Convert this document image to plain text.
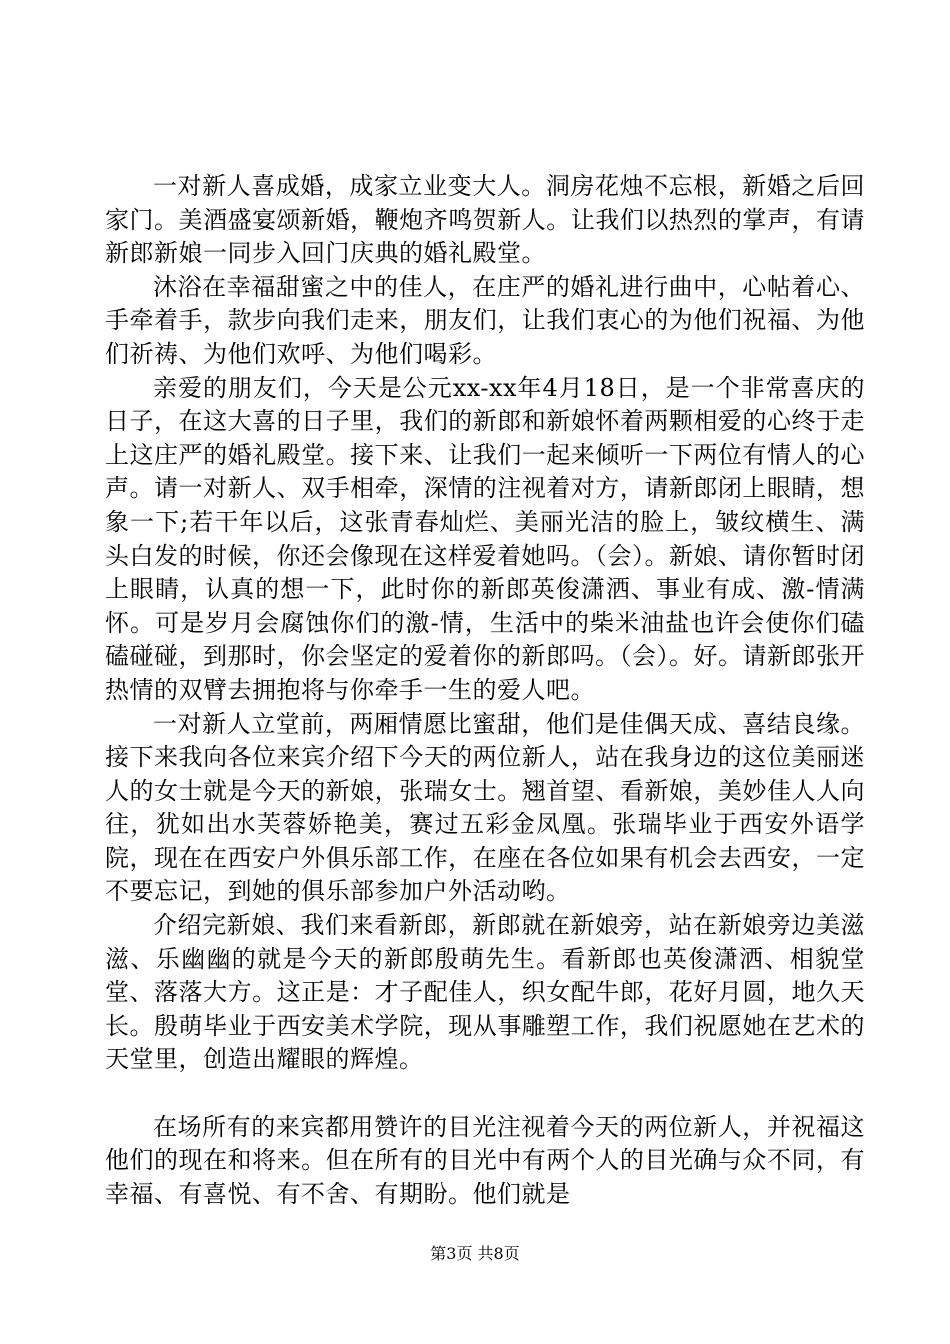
一对新人喜成婚，成家立业变大人。洞房花烛不忘根，新婚之后回家门。美酒盛宴颂新婚，鞭炮齐鸣贺新人。让我们以热烈的掌声，有请新郎新娘一同步入回门庆典的婚礼殿堂。

沐浴在幸福甜蜜之中的佳人，在庄严的婚礼进行曲中，心帖着心、手牵着手，款步向我们走来，朋友们，让我们衷心的为他们祝福、为他们祈祷、为他们欢呼、为他们喝彩。

亲爱的朋友们，今天是公元xx-xx年4月18日，是一个非常喜庆的日子，在这大喜的日子里，我们的新郎和新娘怀着两颗相爱的心终于走上这庄严的婚礼殿堂。接下来、让我们一起来倾听一下两位有情人的心声。请一对新人、双手相牵，深情的注视着对方，请新郎闭上眼睛，想象一下;若干年以后，这张青春灿烂、美丽光洁的脸上，皱纹横生、满头白发的时候，你还会像现在这样爱着她吗。（会）。新娘、请你暂时闭上眼睛，认真的想一下，此时你的新郎英俊潇洒、事业有成、激-情满怀。可是岁月会腐蚀你们的激-情，生活中的柴米油盐也许会使你们磕磕碰碰，到那时，你会坚定的爱着你的新郎吗。（会）。好。请新郎张开热情的双臂去拥抱将与你牵手一生的爱人吧。

一对新人立堂前，两厢情愿比蜜甜，他们是佳偶天成、喜结良缘。接下来我向各位来宾介绍下今天的两位新人，站在我身边的这位美丽迷人的女士就是今天的新娘，张瑞女士。翘首望、看新娘，美妙佳人人向往，犹如出水芙蓉娇艳美，赛过五彩金凤凰。张瑞毕业于西安外语学院，现在在西安户外俱乐部工作，在座在各位如果有机会去西安，一定不要忘记，到她的俱乐部参加户外活动哟。

介绍完新娘、我们来看新郎，新郎就在新娘旁，站在新娘旁边美滋滋、乐幽幽的就是今天的新郎殷萌先生。看新郎也英俊潇洒、相貌堂堂、落落大方。这正是：才子配佳人，织女配牛郎，花好月圆，地久天长。殷萌毕业于西安美术学院，现从事雕塑工作，我们祝愿她在艺术的天堂里，创造出耀眼的辉煌。

在场所有的来宾都用赞许的目光注视着今天的两位新人，并祝福这他们的现在和将来。但在所有的目光中有两个人的目光确与众不同，有幸福、有喜悦、有不舍、有期盼。他们就是

第3页 共8页
